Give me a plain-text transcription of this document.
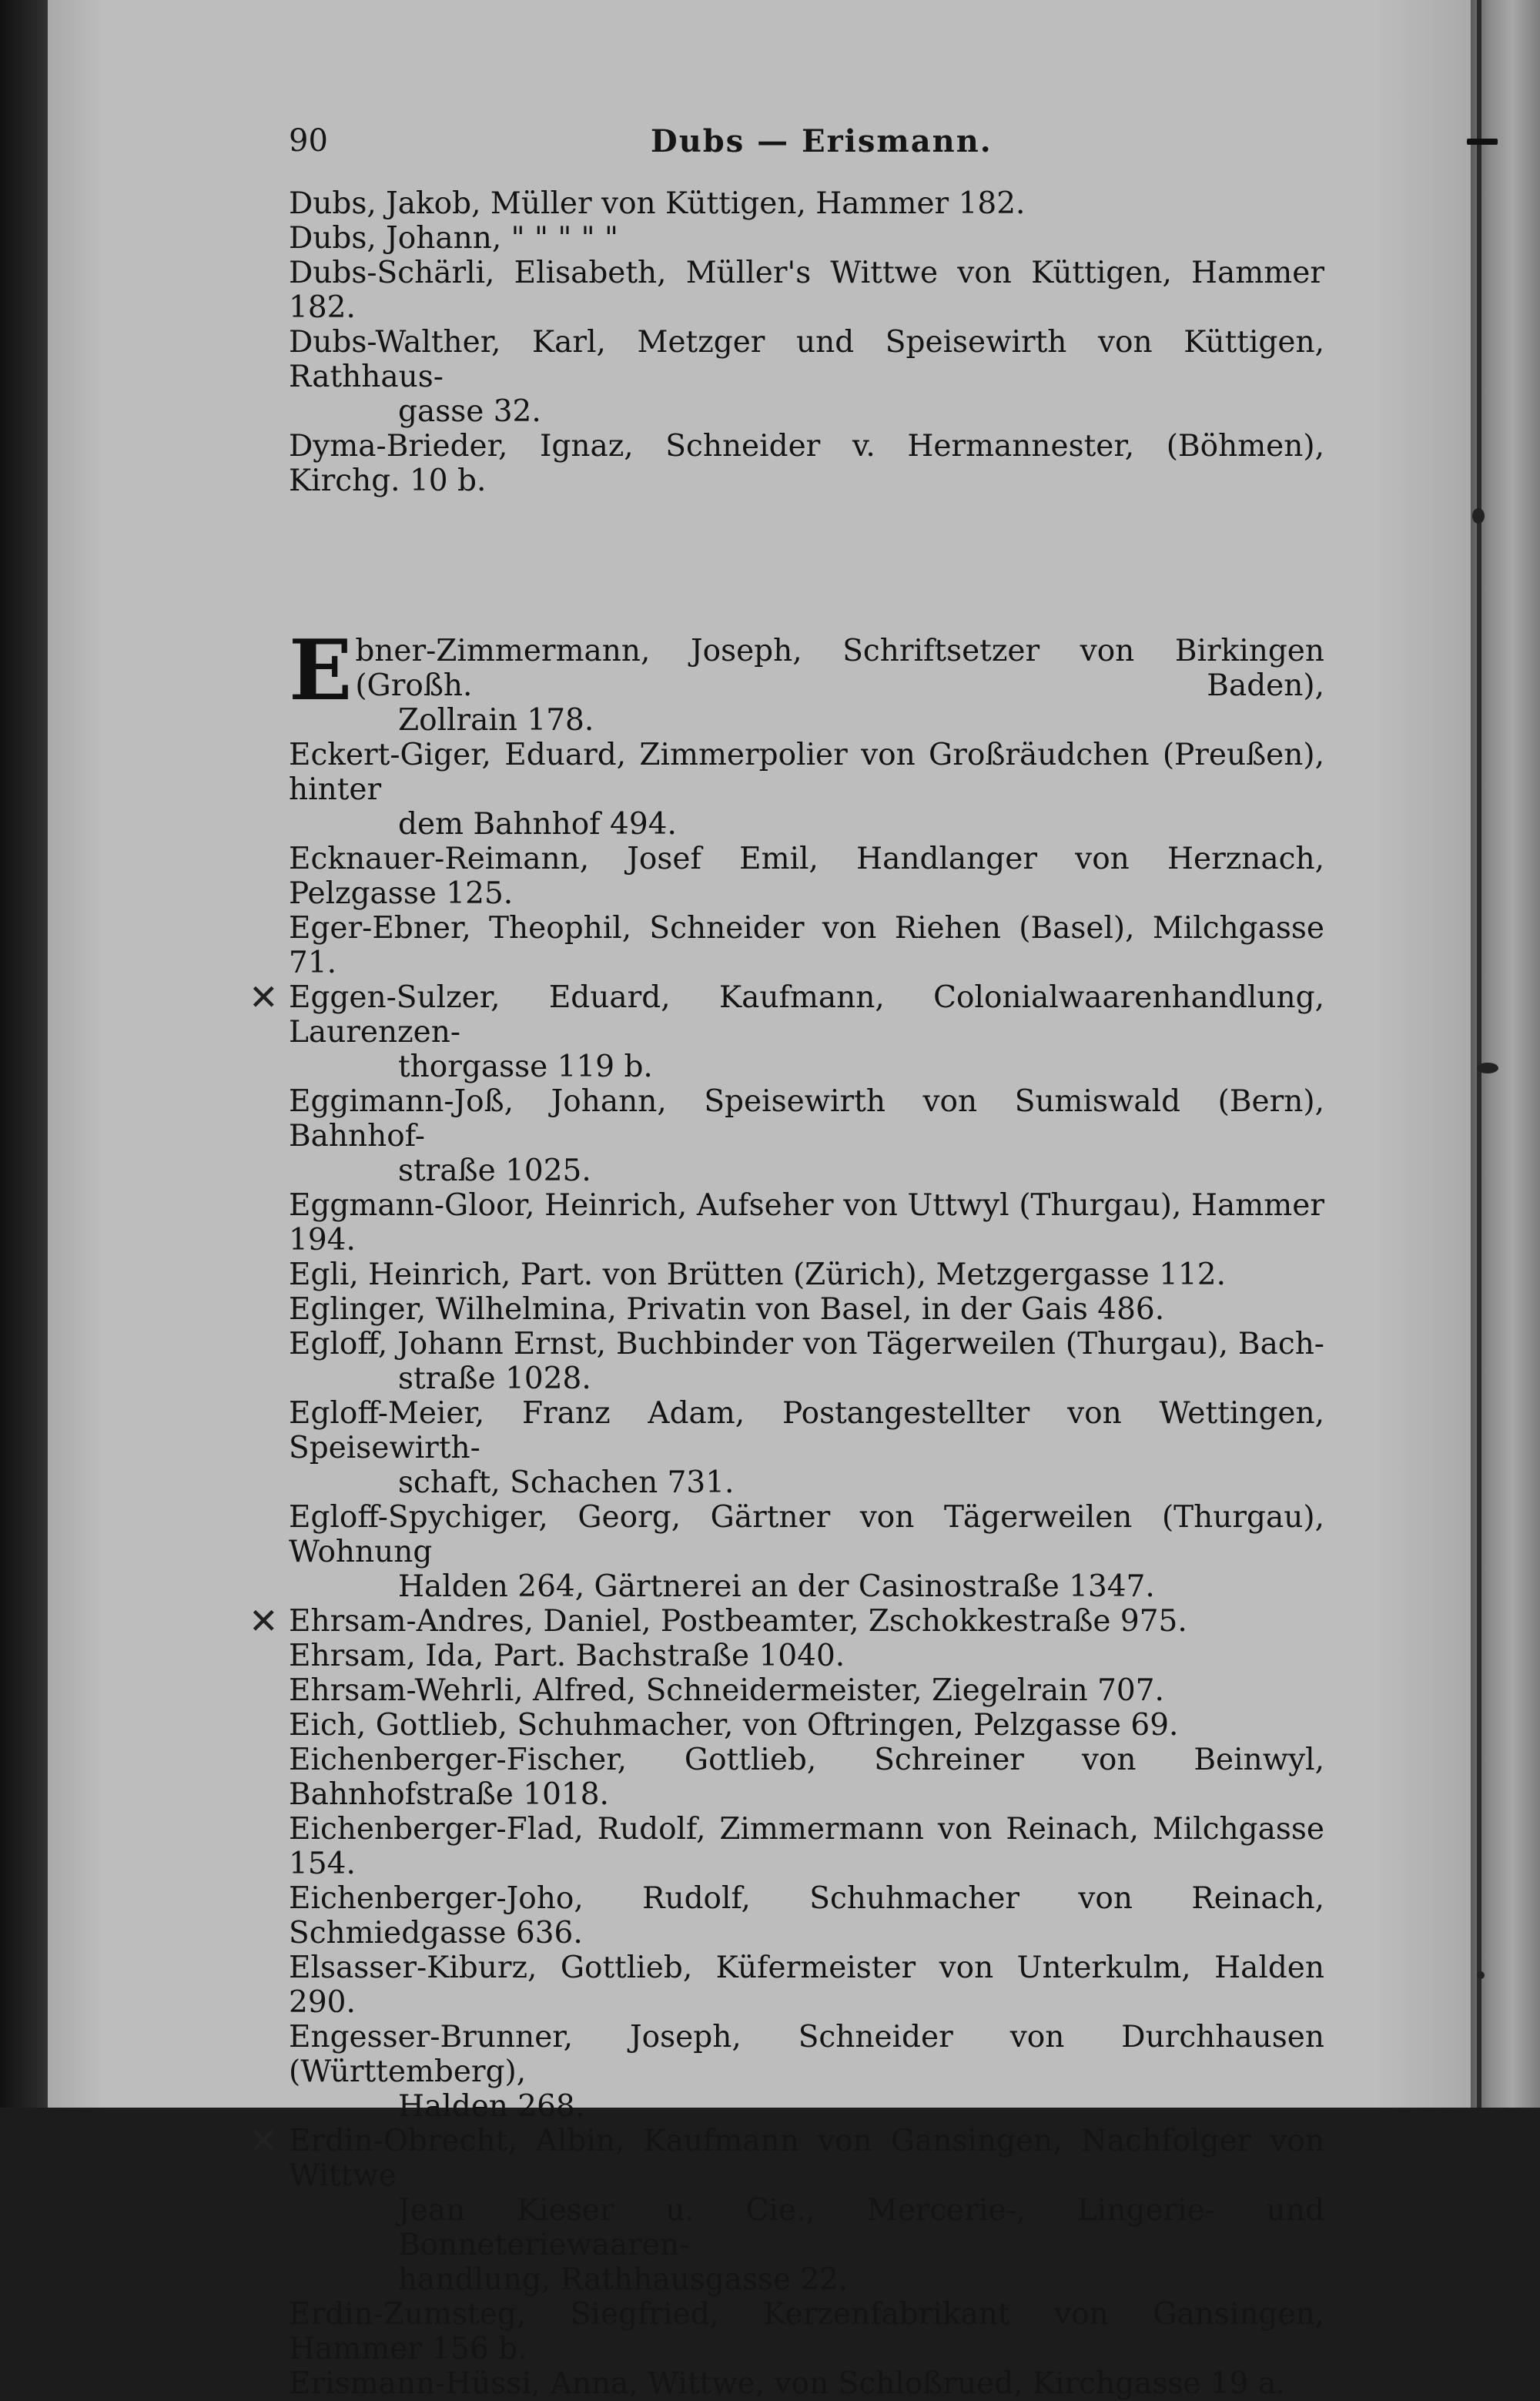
90	Dubs — Erismann.
Dubs, Jakob, Müller von Küttigen, Hammer 182.
Dubs, Johann, " " " " "
Dubs-Schärli, Elisabeth, Müller's Wittwe von Küttigen, Hammer 182.
Dubs-Walther, Karl, Metzger und Speisewirth von Küttigen, Rathhaus-
gasse 32.
Dyma-Brieder, Ignaz, Schneider v. Hermannester, (Böhmen), Kirchg. 10 b.
E bner-Zimmermann, Joseph, Schriftsetzer von Birkingen (Großh. Baden),
Zollrain 178.
Eckert-Giger, Eduard, Zimmerpolier von Großräudchen (Preußen), hinter
dem Bahnhof 494.
Ecknauer-Reimann, Josef Emil, Handlanger von Herznach, Pelzgasse 125.
Eger-Ebner, Theophil, Schneider von Riehen (Basel), Milchgasse 71.
✕ Eggen-Sulzer, Eduard, Kaufmann, Colonialwaarenhandlung, Laurenzen-
thorgasse 119 b.
Eggimann-Joß, Johann, Speisewirth von Sumiswald (Bern), Bahnhof-
straße 1025.
Eggmann-Gloor, Heinrich, Aufseher von Uttwyl (Thurgau), Hammer 194.
Egli, Heinrich, Part. von Brütten (Zürich), Metzgergasse 112.
Eglinger, Wilhelmina, Privatin von Basel, in der Gais 486.
Egloff, Johann Ernst, Buchbinder von Tägerweilen (Thurgau), Bach-
straße 1028.
Egloff-Meier, Franz Adam, Postangestellter von Wettingen, Speisewirth-
schaft, Schachen 731.
Egloff-Spychiger, Georg, Gärtner von Tägerweilen (Thurgau), Wohnung
Halden 264, Gärtnerei an der Casinostraße 1347.
✕ Ehrsam-Andres, Daniel, Postbeamter, Zschokkestraße 975.
Ehrsam, Ida, Part. Bachstraße 1040.
Ehrsam-Wehrli, Alfred, Schneidermeister, Ziegelrain 707.
Eich, Gottlieb, Schuhmacher, von Oftringen, Pelzgasse 69.
Eichenberger-Fischer, Gottlieb, Schreiner von Beinwyl, Bahnhofstraße 1018.
Eichenberger-Flad, Rudolf, Zimmermann von Reinach, Milchgasse 154.
Eichenberger-Joho, Rudolf, Schuhmacher von Reinach, Schmiedgasse 636.
Elsasser-Kiburz, Gottlieb, Küfermeister von Unterkulm, Halden 290.
Engesser-Brunner, Joseph, Schneider von Durchhausen (Württemberg),
Halden 268.
✕ Erdin-Obrecht, Albin, Kaufmann von Gansingen, Nachfolger von Wittwe
Jean Kieser u. Cie., Mercerie-, Lingerie- und Bonneteriewaaren-
handlung, Rathhausgasse 22.
Erdin-Zumsteg, Siegfried, Kerzenfabrikant von Gansingen, Hammer 156 b.
Erismann-Hüssi, Anna, Wittwe, von Schloßrued, Kirchgasse 19 a.
